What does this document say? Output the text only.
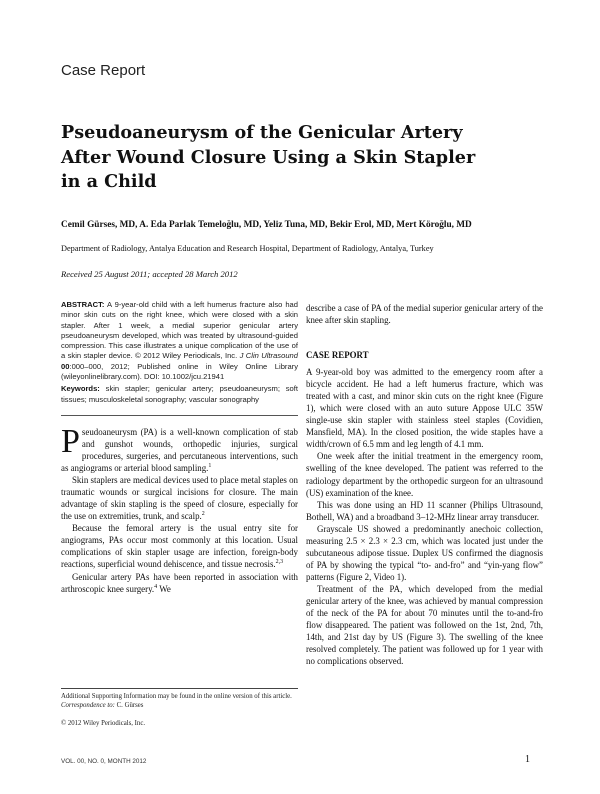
Case Report
Pseudoaneurysm of the Genicular Artery
After Wound Closure Using a Skin Stapler
in a Child
Cemil Gürses, MD, A. Eda Parlak Temeloğlu, MD, Yeliz Tuna, MD, Bekir Erol, MD, Mert Köroğlu, MD
Department of Radiology, Antalya Education and Research Hospital, Department of Radiology, Antalya, Turkey
Received 25 August 2011; accepted 28 March 2012

ABSTRACT: A 9-year-old child with a left humerus fracture also had minor skin cuts on the right knee, which were closed with a skin stapler. After 1 week, a medial superior genicular artery pseudoaneurysm developed, which was treated by ultrasound-guided compression. This case illustrates a unique complication of the use of a skin stapler device. © 2012 Wiley Periodicals, Inc. J Clin Ultrasound 00:000–000, 2012; Published online in Wiley Online Library (wileyonlinelibrary.com). DOI: 10.1002/jcu.21941

Keywords: skin stapler; genicular artery; pseudoaneurysm; soft tissues; musculoskeletal sonography; vascular sonography

Pseudoaneurysm (PA) is a well-known complication of stab and gunshot wounds, orthopedic injuries, surgical procedures, surgeries, and percutaneous interventions, such as angiograms or arterial blood sampling.$^1$

Skin staplers are medical devices used to place metal staples on traumatic wounds or surgical incisions for closure. The main advantage of skin stapling is the speed of closure, especially for the use on extremities, trunk, and scalp.$^2$

Because the femoral artery is the usual entry site for angiograms, PAs occur most commonly at this location. Usual complications of skin stapler usage are infection, foreign-body reactions, superficial wound dehiscence, and tissue necrosis.$^{2,3}$

Genicular artery PAs have been reported in association with arthroscopic knee surgery.$^4$ We

describe a case of PA of the medial superior genicular artery of the knee after skin stapling.

CASE REPORT

A 9-year-old boy was admitted to the emergency room after a bicycle accident. He had a left humerus fracture, which was treated with a cast, and minor skin cuts on the right knee (Figure 1), which were closed with an auto suture Appose ULC 35W single-use skin stapler with stainless steel staples (Covidien, Mansfield, MA). In the closed position, the wide staples have a width/crown of 6.5 mm and leg length of 4.1 mm.

One week after the initial treatment in the emergency room, swelling of the knee developed. The patient was referred to the radiology department by the orthopedic surgeon for an ultrasound (US) examination of the knee.

This was done using an HD 11 scanner (Philips Ultrasound, Bothell, WA) and a broadband 3–12-MHz linear array transducer.

Grayscale US showed a predominantly anechoic collection, measuring 2.5 × 2.3 × 2.3 cm, which was located just under the subcutaneous adipose tissue. Duplex US confirmed the diagnosis of PA by showing the typical “to- and-fro” and “yin-yang flow” patterns (Figure 2, Video 1).

Treatment of the PA, which developed from the medial genicular artery of the knee, was achieved by manual compression of the neck of the PA for about 70 minutes until the to-and-fro flow disappeared. The patient was followed on the 1st, 2nd, 7th, 14th, and 21st day by US (Figure 3). The swelling of the knee resolved completely. The patient was followed up for 1 year with no complications observed.

Additional Supporting Information may be found in the online version of this article.

Correspondence to: C. Gürses

© 2012 Wiley Periodicals, Inc.

VOL. 00, NO. 0, MONTH 2012	1
